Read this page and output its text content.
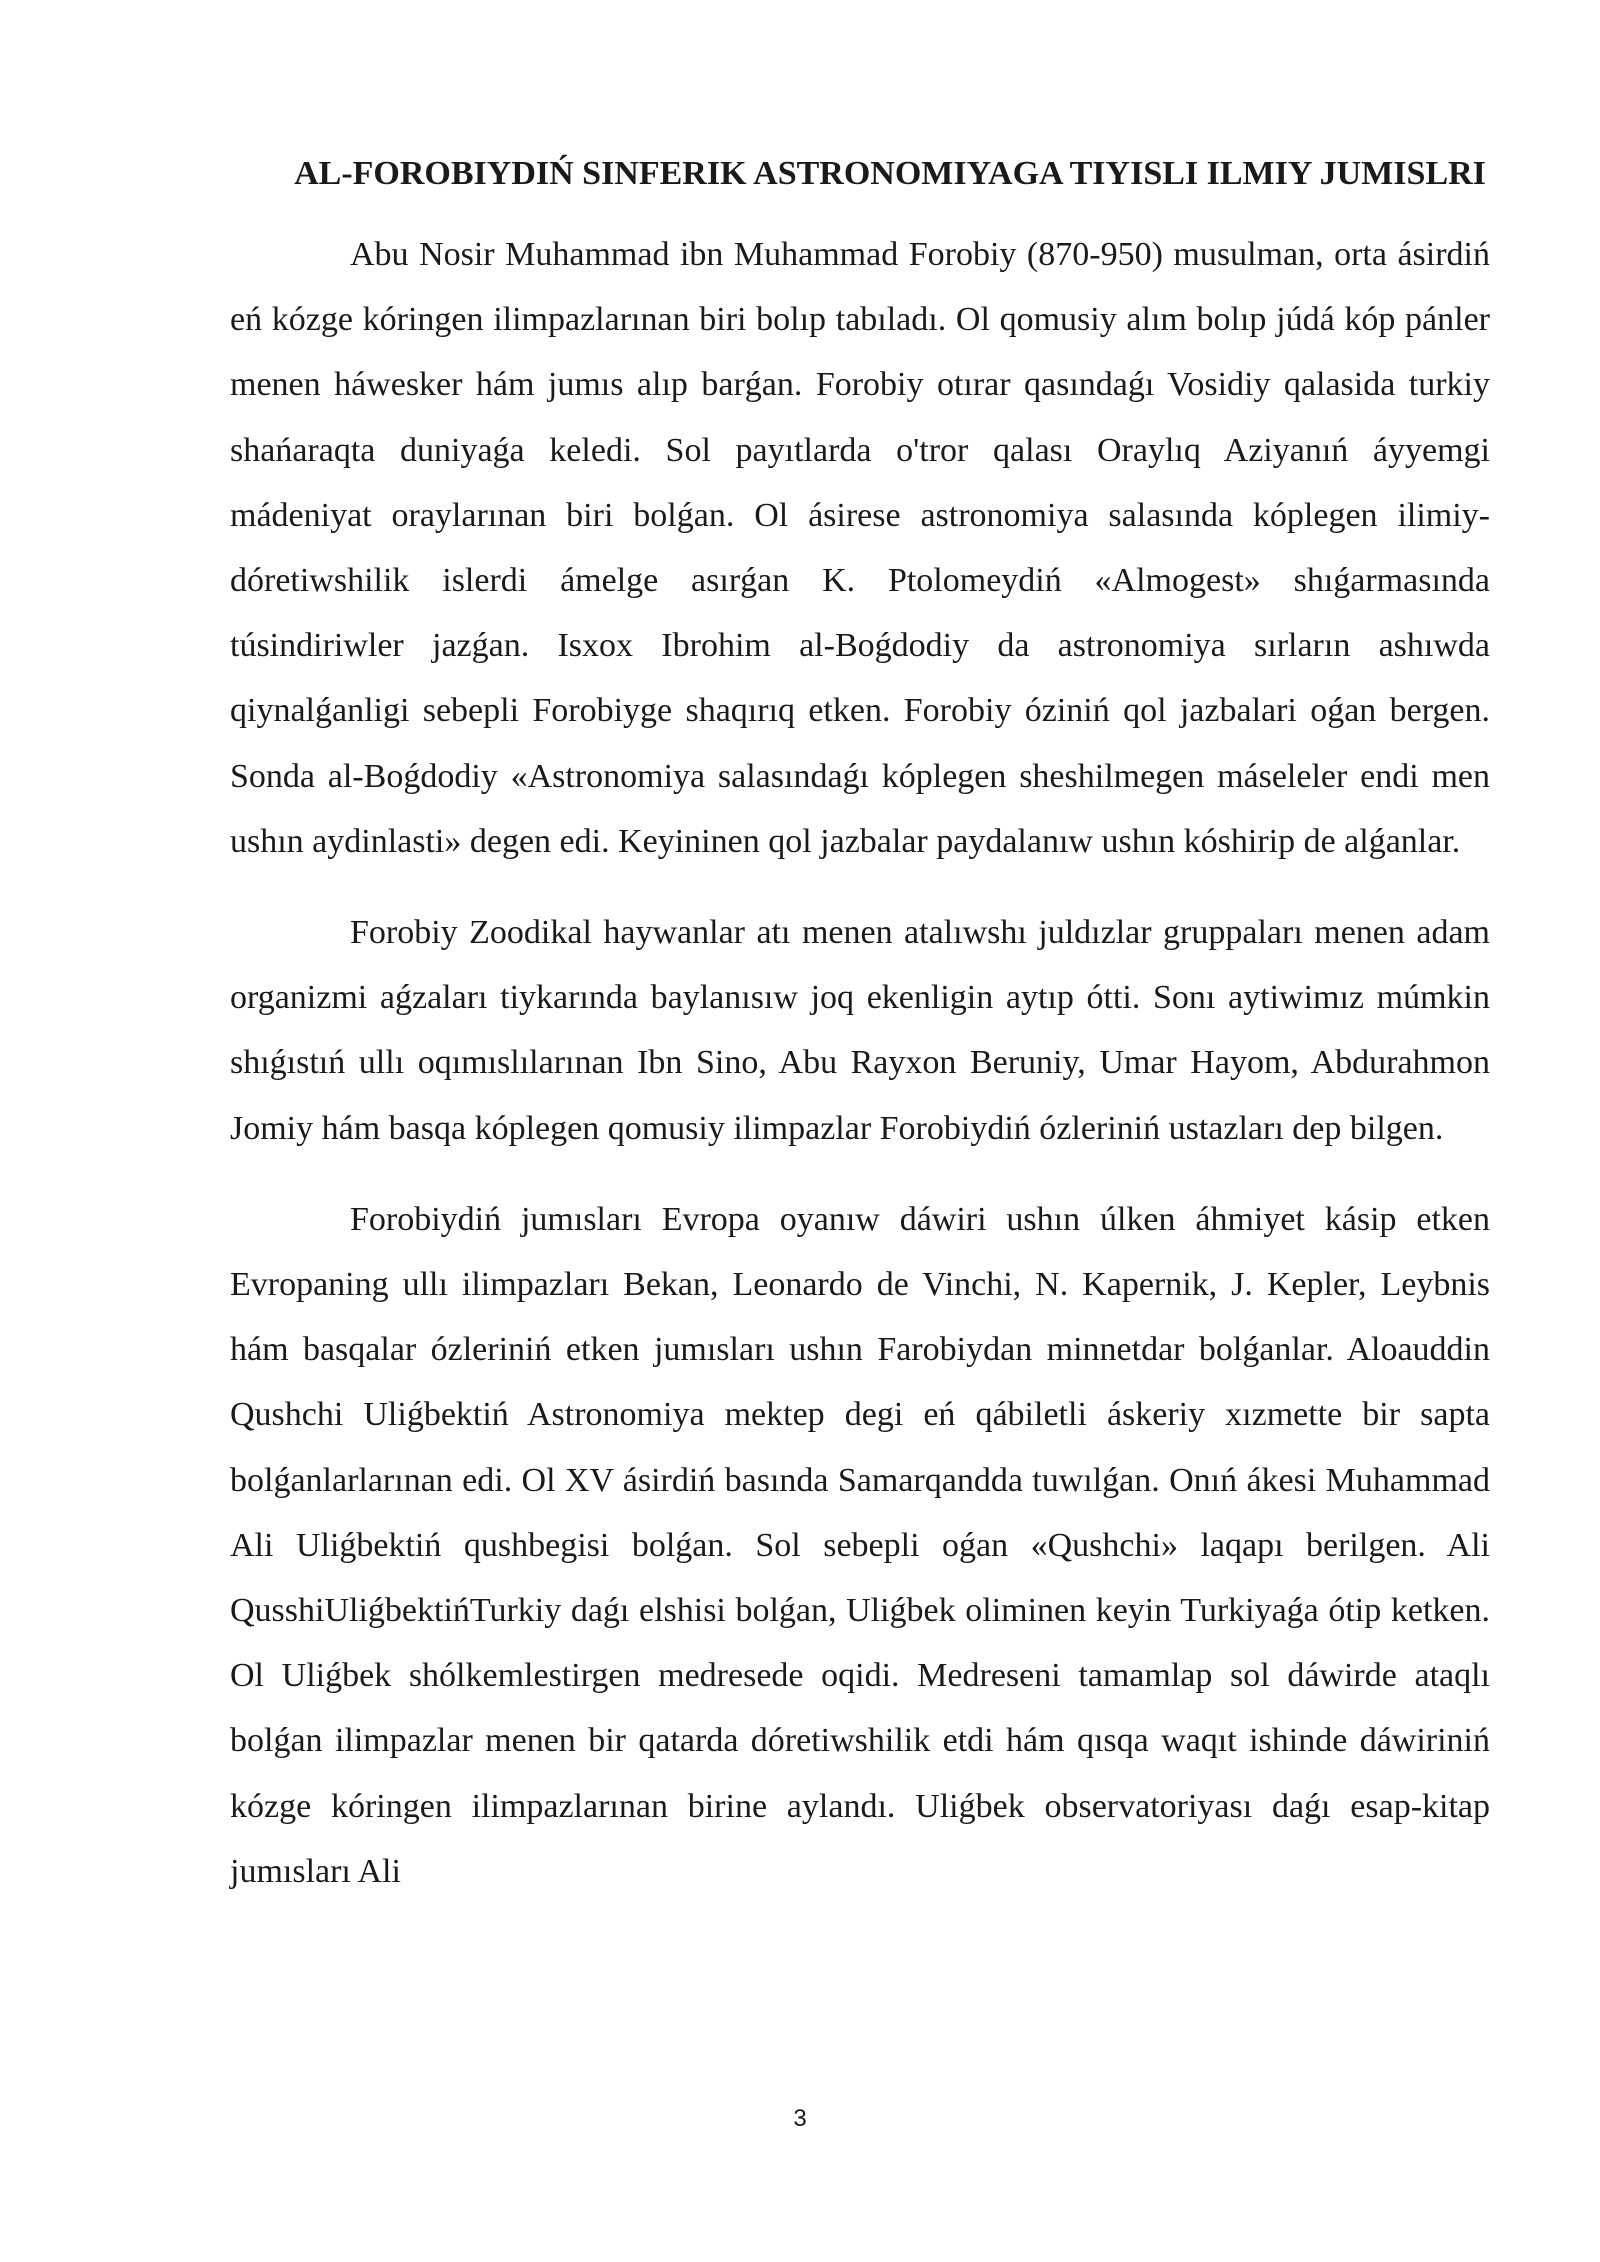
AL-FOROBIYDIŃ SINFERIK ASTRONOMIYAGA TIYISLI ILMIY JUMISLRI

Abu Nosir Muhammad ibn Muhammad Forobiy (870-950) musulman, orta ásirdiń eń kózge kóringen ilimpazlarınan biri bolıp tabıladı. Ol qomusiy alım bolıp júdá kóp pánler menen háwesker hám jumıs alıp barǵan. Forobiy otırar qasındaǵı Vosidiy qalasida turkiy shańaraqta duniyaǵa keledi. Sol payıtlarda o'tror qalası Oraylıq Aziyanıń áyyemgi mádeniyat oraylarınan biri bolǵan. Ol ásirese astronomiya salasında kóplegen ilimiy-dóretiwshilik islerdi ámelge asırǵan K. Ptolomeydiń «Almogest» shıǵarmasında túsindiriwler jazǵan. Isxox Ibrohim al-Boǵdodiy da astronomiya sırların ashıwda qiynalǵanligi sebepli Forobiyge shaqırıq etken. Forobiy óziniń qol jazbalari oǵan bergen. Sonda al-Boǵdodiy «Astronomiya salasındaǵı kóplegen sheshilmegen máseleler endi men ushın aydinlasti» degen edi. Keyininen qol jazbalar paydalanıw ushın kóshirip de alǵanlar.

Forobiy Zoodikal haywanlar atı menen atalıwshı juldızlar gruppaları menen adam organizmi aǵzaları tiykarında baylanısıw joq ekenligin aytıp ótti. Sonı aytiwimız múmkin shıǵıstıń ullı oqımıslılarınan Ibn Sino, Abu Rayxon Beruniy, Umar Hayom, Abdurahmon Jomiy hám basqa kóplegen qomusiy ilimpazlar Forobiydiń ózleriniń ustazları dep bilgen.

Forobiydiń jumısları Evropa oyanıw dáwiri ushın úlken áhmiyet kásip etken Evropaning ullı ilimpazları Bekan, Leonardo de Vinchi, N. Kapernik, J. Kepler, Leybnis hám basqalar ózleriniń etken jumısları ushın Farobiydan minnetdar bolǵanlar. Aloauddin Qushchi Uliǵbektiń Astronomiya mektep degi eń qábiletli áskeriy xızmette bir sapta bolǵanlarlarınan edi. Ol XV ásirdiń basında Samarqandda tuwılǵan. Onıń ákesi Muhammad Ali Uliǵbektiń qushbegisi bolǵan. Sol sebepli oǵan «Qushchi» laqapı berilgen. Ali QusshiUliǵbektińTurkiy daǵı elshisi bolǵan, Uliǵbek oliminen keyin Turkiyaǵa ótip ketken. Ol Uliǵbek shólkemlestirgen medresede oqidi. Medreseni tamamlap sol dáwirde ataqlı bolǵan ilimpazlar menen bir qatarda dóretiwshilik etdi hám qısqa waqıt ishinde dáwiriniń kózge kóringen ilimpazlarınan birine aylandı. Uliǵbek observatoriyası daǵı esap-kitap jumısları Ali

3
